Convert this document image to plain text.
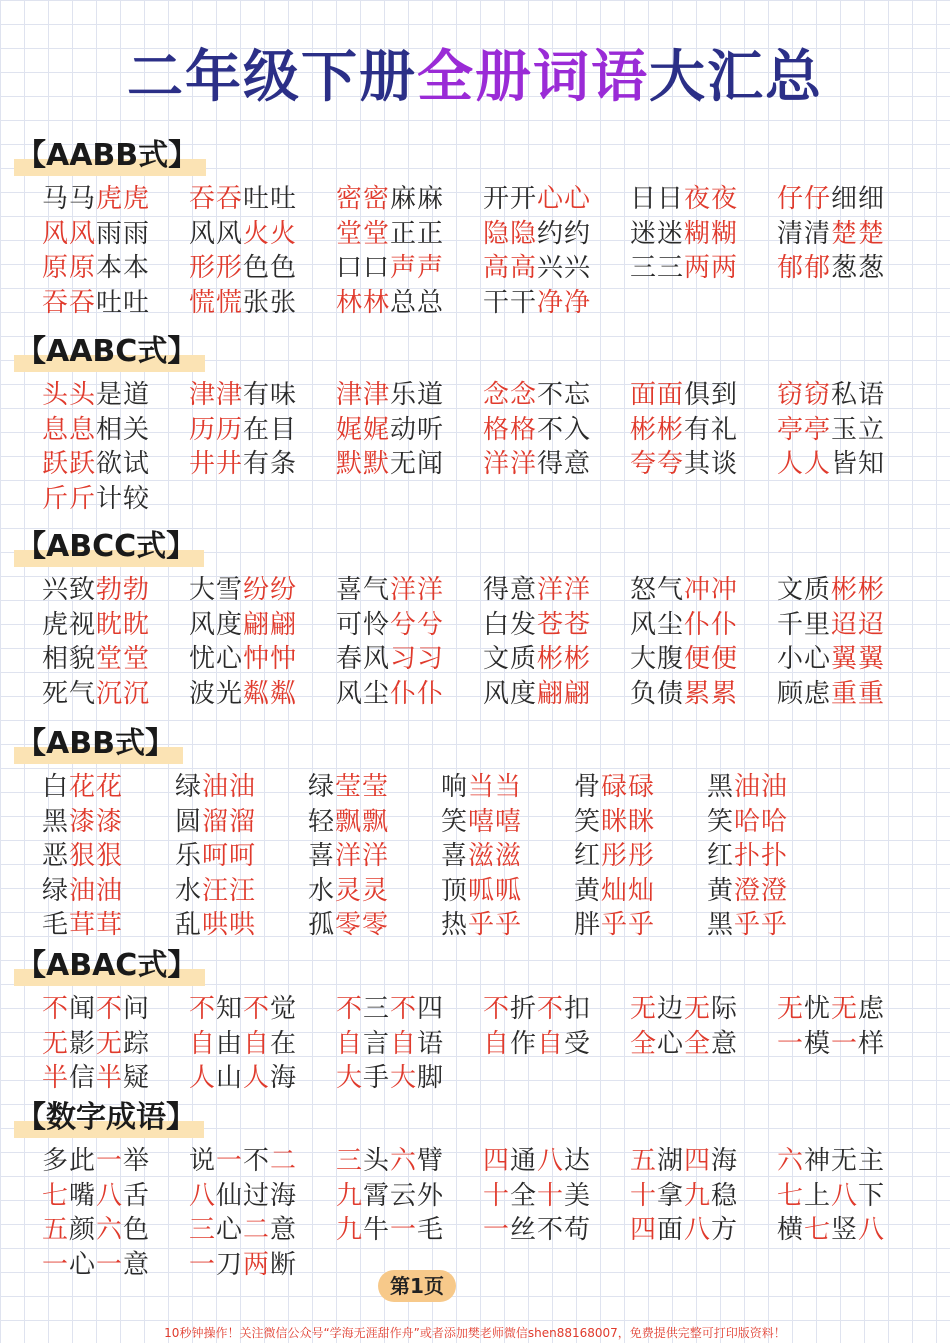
二年级下册全册词语大汇总
【AABB式】
马马虎虎	吞吞吐吐	密密麻麻	开开心心	日日夜夜	仔仔细细
风风雨雨	风风火火	堂堂正正	隐隐约约	迷迷糊糊	清清楚楚
原原本本	形形色色	口口声声	高高兴兴	三三两两	郁郁葱葱
吞吞吐吐	慌慌张张	林林总总	干干净净
【AABC式】
头头是道	津津有味	津津乐道	念念不忘	面面俱到	窃窃私语
息息相关	历历在目	娓娓动听	格格不入	彬彬有礼	亭亭玉立
跃跃欲试	井井有条	默默无闻	洋洋得意	夸夸其谈	人人皆知
斤斤计较
【ABCC式】
兴致勃勃	大雪纷纷	喜气洋洋	得意洋洋	怒气冲冲	文质彬彬
虎视眈眈	风度翩翩	可怜兮兮	白发苍苍	风尘仆仆	千里迢迢
相貌堂堂	忧心忡忡	春风习习	文质彬彬	大腹便便	小心翼翼
死气沉沉	波光粼粼	风尘仆仆	风度翩翩	负债累累	顾虑重重
【ABB式】
白花花	绿油油	绿莹莹	响当当	骨碌碌	黑油油
黑漆漆	圆溜溜	轻飘飘	笑嘻嘻	笑眯眯	笑哈哈
恶狠狠	乐呵呵	喜洋洋	喜滋滋	红彤彤	红扑扑
绿油油	水汪汪	水灵灵	顶呱呱	黄灿灿	黄澄澄
毛茸茸	乱哄哄	孤零零	热乎乎	胖乎乎	黑乎乎
【ABAC式】
不闻不问	不知不觉	不三不四	不折不扣	无边无际	无忧无虑
无影无踪	自由自在	自言自语	自作自受	全心全意	一模一样
半信半疑	人山人海	大手大脚
【数字成语】
多此一举	说一不二	三头六臂	四通八达	五湖四海	六神无主
七嘴八舌	八仙过海	九霄云外	十全十美	十拿九稳	七上八下
五颜六色	三心二意	九牛一毛	一丝不苟	四面八方	横七竖八
一心一意	一刀两断
第1页
10秒钟操作！关注微信公众号“学海无涯甜作舟”或者添加樊老师微信shen88168007，免费提供完整可打印版资料！
